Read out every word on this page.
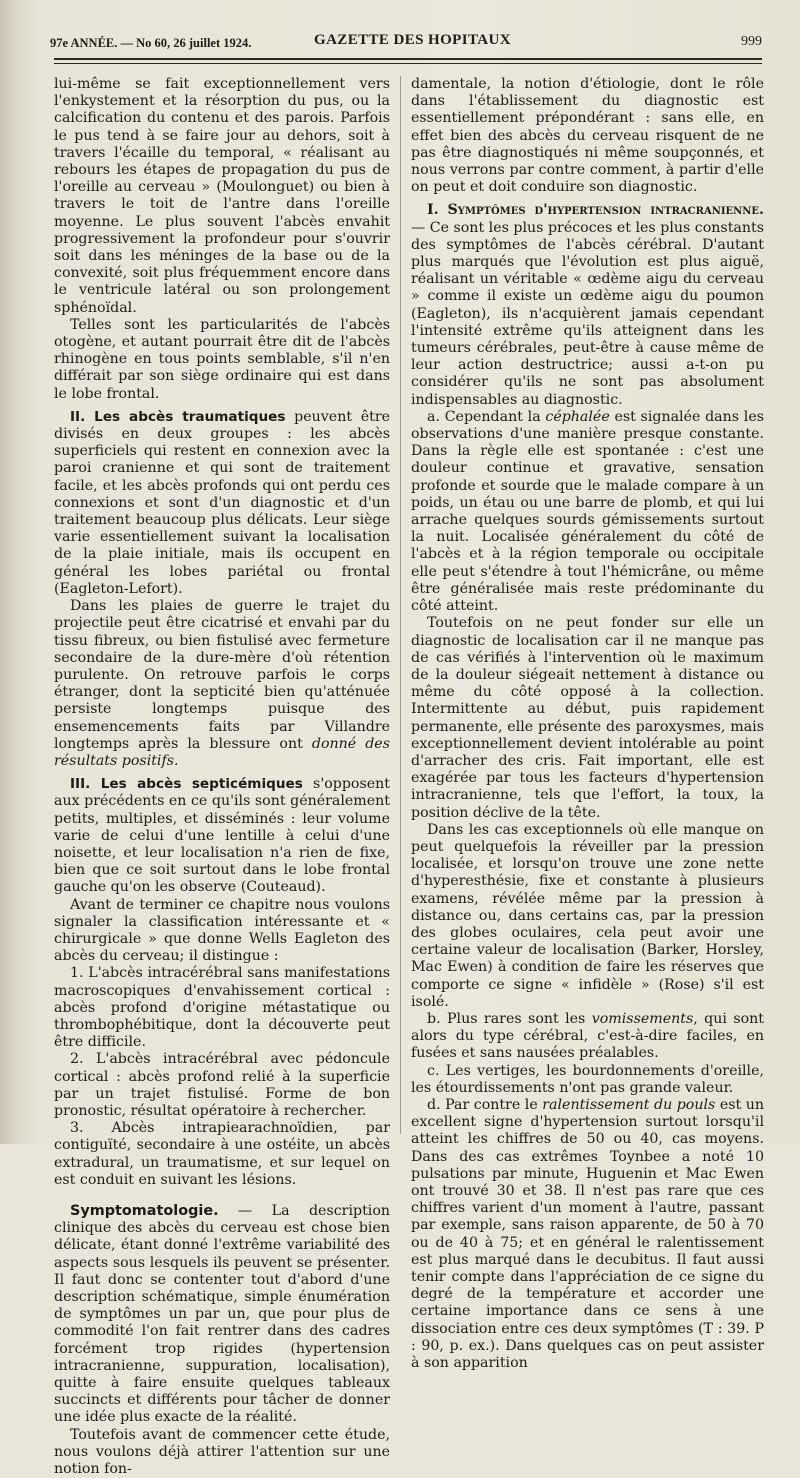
97e ANNÉE. — No 60, 26 juillet 1924.	GAZETTE DES HOPITAUX	999

lui-même se fait exceptionnellement vers l'enkystement et la résorption du pus, ou la calcification du contenu et des parois. Parfois le pus tend à se faire jour au dehors, soit à travers l'écaille du temporal, « réalisant au rebours les étapes de propagation du pus de l'oreille au cerveau » (Moulonguet) ou bien à travers le toit de l'antre dans l'oreille moyenne. Le plus souvent l'abcès envahit progressivement la profondeur pour s'ouvrir soit dans les méninges de la base ou de la convexité, soit plus fréquemment encore dans le ventricule latéral ou son prolongement sphénoïdal.

Telles sont les particularités de l'abcès otogène, et autant pourrait être dit de l'abcès rhinogène en tous points semblable, s'il n'en différait par son siège ordinaire qui est dans le lobe frontal.

II. Les abcès traumatiques peuvent être divisés en deux groupes : les abcès superficiels qui restent en connexion avec la paroi cranienne et qui sont de traitement facile, et les abcès profonds qui ont perdu ces connexions et sont d'un diagnostic et d'un traitement beaucoup plus délicats. Leur siège varie essentiellement suivant la localisation de la plaie initiale, mais ils occupent en général les lobes pariétal ou frontal (Eagleton-Lefort).

Dans les plaies de guerre le trajet du projectile peut être cicatrisé et envahi par du tissu fibreux, ou bien fistulisé avec fermeture secondaire de la dure-mère d'où rétention purulente. On retrouve parfois le corps étranger, dont la septicité bien qu'atténuée persiste longtemps puisque des ensemencements faits par Villandre longtemps après la blessure ont donné des résultats positifs.

III. Les abcès septicémiques s'opposent aux précédents en ce qu'ils sont généralement petits, multiples, et disséminés : leur volume varie de celui d'une lentille à celui d'une noisette, et leur localisation n'a rien de fixe, bien que ce soit surtout dans le lobe frontal gauche qu'on les observe (Couteaud).

Avant de terminer ce chapitre nous voulons signaler la classification intéressante et « chirurgicale » que donne Wells Eagleton des abcès du cerveau; il distingue :

1. L'abcès intracérébral sans manifestations macroscopiques d'envahissement cortical : abcès profond d'origine métastatique ou thrombophébitique, dont la découverte peut être difficile.

2. L'abcès intracérébral avec pédoncule cortical : abcès profond relié à la superficie par un trajet fistulisé. Forme de bon pronostic, résultat opératoire à rechercher.

3. Abcès intrapiearachnoïdien, par contiguïté, secondaire à une ostéite, un abcès extradural, un traumatisme, et sur lequel on est conduit en suivant les lésions.

Symptomatologie. — La description clinique des abcès du cerveau est chose bien délicate, étant donné l'extrême variabilité des aspects sous lesquels ils peuvent se présenter. Il faut donc se contenter tout d'abord d'une description schématique, simple énumération de symptômes un par un, que pour plus de commodité l'on fait rentrer dans des cadres forcément trop rigides (hypertension intracranienne, suppuration, localisation), quitte à faire ensuite quelques tableaux succincts et différents pour tâcher de donner une idée plus exacte de la réalité.

Toutefois avant de commencer cette étude, nous voulons déjà attirer l'attention sur une notion fon-

damentale, la notion d'étiologie, dont le rôle dans l'établissement du diagnostic est essentiellement prépondérant : sans elle, en effet bien des abcès du cerveau risquent de ne pas être diagnostiqués ni même soupçonnés, et nous verrons par contre comment, à partir d'elle on peut et doit conduire son diagnostic.

I. Symptômes d'hypertension intracranienne. — Ce sont les plus précoces et les plus constants des symptômes de l'abcès cérébral. D'autant plus marqués que l'évolution est plus aiguë, réalisant un véritable « œdème aigu du cerveau » comme il existe un œdème aigu du poumon (Eagleton), ils n'acquièrent jamais cependant l'intensité extrême qu'ils atteignent dans les tumeurs cérébrales, peut-être à cause même de leur action destructrice; aussi a-t-on pu considérer qu'ils ne sont pas absolument indispensables au diagnostic.

a. Cependant la céphalée est signalée dans les observations d'une manière presque constante. Dans la règle elle est spontanée : c'est une douleur continue et gravative, sensation profonde et sourde que le malade compare à un poids, un étau ou une barre de plomb, et qui lui arrache quelques sourds gémissements surtout la nuit. Localisée généralement du côté de l'abcès et à la région temporale ou occipitale elle peut s'étendre à tout l'hémicrâne, ou même être généralisée mais reste prédominante du côté atteint.

Toutefois on ne peut fonder sur elle un diagnostic de localisation car il ne manque pas de cas vérifiés à l'intervention où le maximum de la douleur siégeait nettement à distance ou même du côté opposé à la collection. Intermittente au début, puis rapidement permanente, elle présente des paroxysmes, mais exceptionnellement devient intolérable au point d'arracher des cris. Fait important, elle est exagérée par tous les facteurs d'hypertension intracranienne, tels que l'effort, la toux, la position déclive de la tête.

Dans les cas exceptionnels où elle manque on peut quelquefois la réveiller par la pression localisée, et lorsqu'on trouve une zone nette d'hyperesthésie, fixe et constante à plusieurs examens, révélée même par la pression à distance ou, dans certains cas, par la pression des globes oculaires, cela peut avoir une certaine valeur de localisation (Barker, Horsley, Mac Ewen) à condition de faire les réserves que comporte ce signe « infidèle » (Rose) s'il est isolé.

b. Plus rares sont les vomissements, qui sont alors du type cérébral, c'est-à-dire faciles, en fusées et sans nausées préalables.

c. Les vertiges, les bourdonnements d'oreille, les étourdissements n'ont pas grande valeur.

d. Par contre le ralentissement du pouls est un excellent signe d'hypertension surtout lorsqu'il atteint les chiffres de 50 ou 40, cas moyens. Dans des cas extrêmes Toynbee a noté 10 pulsations par minute, Huguenin et Mac Ewen ont trouvé 30 et 38. Il n'est pas rare que ces chiffres varient d'un moment à l'autre, passant par exemple, sans raison apparente, de 50 à 70 ou de 40 à 75; et en général le ralentissement est plus marqué dans le decubitus. Il faut aussi tenir compte dans l'appréciation de ce signe du degré de la température et accorder une certaine importance dans ce sens à une dissociation entre ces deux symptômes (T : 39. P : 90, p. ex.). Dans quelques cas on peut assister à son apparition
